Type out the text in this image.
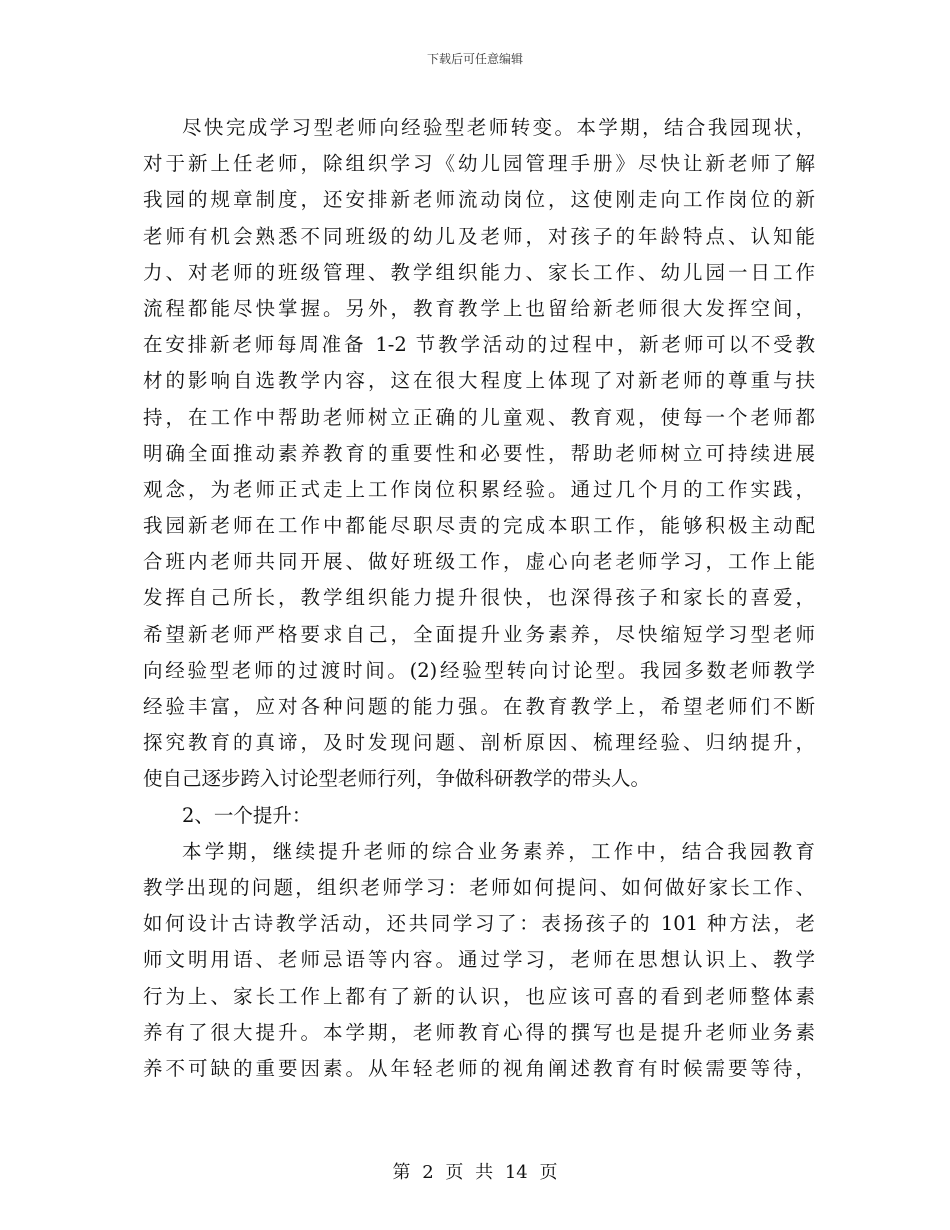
下载后可任意编辑
尽快完成学习型老师向经验型老师转变。本学期，结合我园现状，
对于新上任老师，除组织学习《幼儿园管理手册》尽快让新老师了解
我园的规章制度，还安排新老师流动岗位，这使刚走向工作岗位的新
老师有机会熟悉不同班级的幼儿及老师，对孩子的年龄特点、认知能
力、对老师的班级管理、教学组织能力、家长工作、幼儿园一日工作
流程都能尽快掌握。另外，教育教学上也留给新老师很大发挥空间，
在安排新老师每周准备 1-2 节教学活动的过程中，新老师可以不受教
材的影响自选教学内容，这在很大程度上体现了对新老师的尊重与扶
持，在工作中帮助老师树立正确的儿童观、教育观，使每一个老师都
明确全面推动素养教育的重要性和必要性，帮助老师树立可持续进展
观念，为老师正式走上工作岗位积累经验。通过几个月的工作实践，
我园新老师在工作中都能尽职尽责的完成本职工作，能够积极主动配
合班内老师共同开展、做好班级工作，虚心向老老师学习，工作上能
发挥自己所长，教学组织能力提升很快，也深得孩子和家长的喜爱，
希望新老师严格要求自己，全面提升业务素养，尽快缩短学习型老师
向经验型老师的过渡时间。(2)经验型转向讨论型。我园多数老师教学
经验丰富，应对各种问题的能力强。在教育教学上，希望老师们不断
探究教育的真谛，及时发现问题、剖析原因、梳理经验、归纳提升，
使自己逐步跨入讨论型老师行列，争做科研教学的带头人。
2、一个提升：
本学期，继续提升老师的综合业务素养，工作中，结合我园教育
教学出现的问题，组织老师学习：老师如何提问、如何做好家长工作、
如何设计古诗教学活动，还共同学习了：表扬孩子的 101 种方法，老
师文明用语、老师忌语等内容。通过学习，老师在思想认识上、教学
行为上、家长工作上都有了新的认识，也应该可喜的看到老师整体素
养有了很大提升。本学期，老师教育心得的撰写也是提升老师业务素
养不可缺的重要因素。从年轻老师的视角阐述教育有时候需要等待，
第 2 页 共 14 页
